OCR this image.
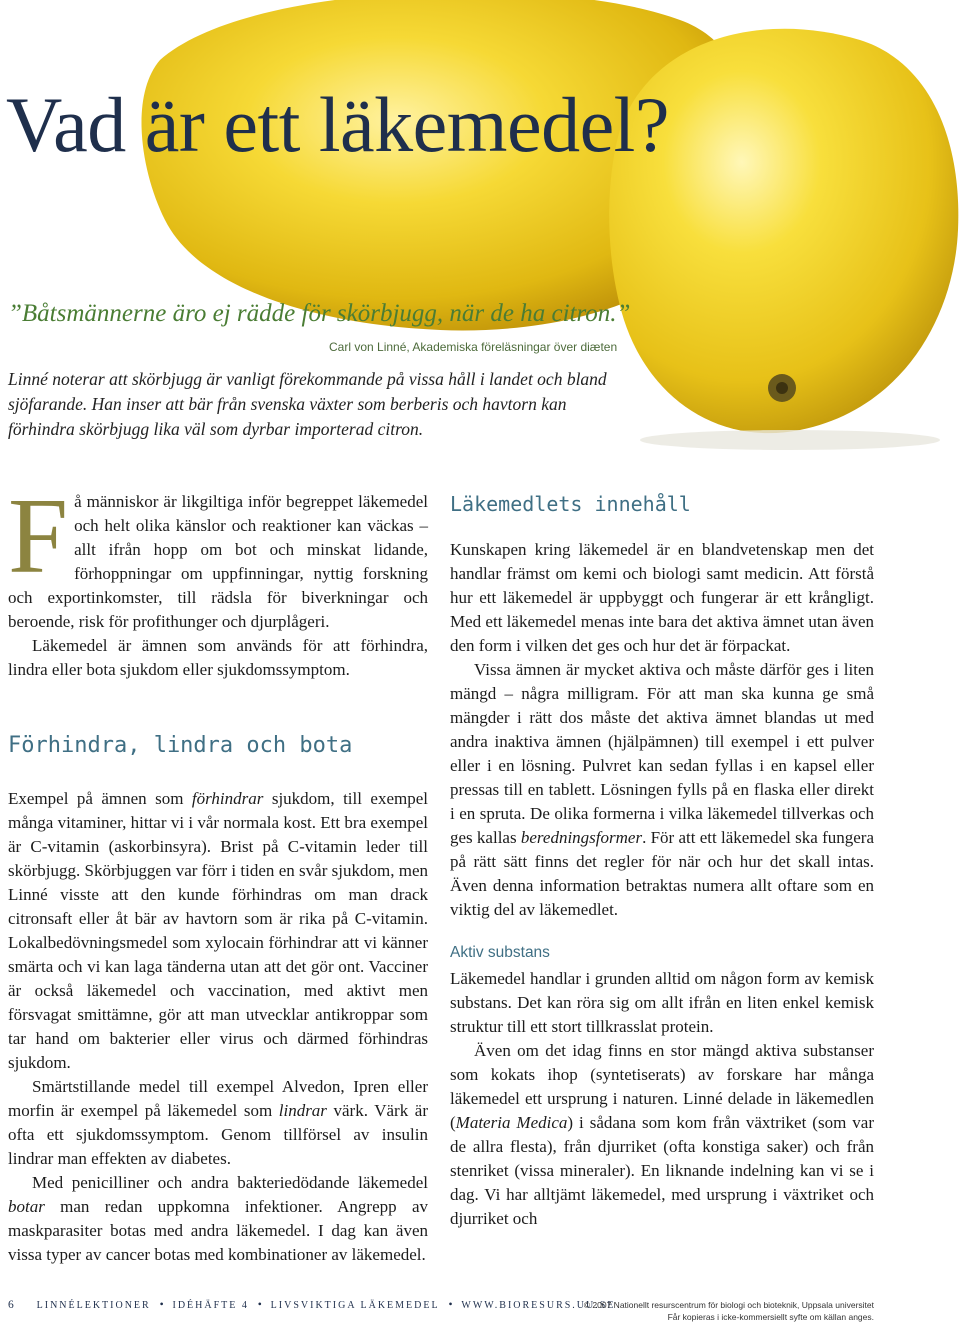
Vad är ett läkemedel?

”Båtsmännerne äro ej rädde för skörbjugg, när de ha citron.”

Carl von Linné, Akademiska föreläsningar över diæten

Linné noterar att skörbjugg är vanligt förekommande på vissa håll i landet och bland sjöfarande. Han inser att bär från svenska växter som berberis och havtorn kan förhindra skörbjugg lika väl som dyrbar importerad citron.

Få människor är likgiltiga inför begreppet läkemedel och helt olika känslor och reaktioner kan väckas – allt ifrån hopp om bot och minskat lidande, förhoppningar om uppfinningar, nyttig forskning och exportinkomster, till rädsla för biverkningar och beroende, risk för profithunger och djurplågeri.

Läkemedel är ämnen som används för att förhindra, lindra eller bota sjukdom eller sjukdomssymptom.

Förhindra, lindra och bota

Exempel på ämnen som förhindrar sjukdom, till exempel många vitaminer, hittar vi i vår normala kost. Ett bra exempel är C-vitamin (askorbinsyra). Brist på C-vitamin leder till skörbjugg. Skörbjuggen var förr i tiden en svår sjukdom, men Linné visste att den kunde förhindras om man drack citronsaft eller åt bär av havtorn som är rika på C-vitamin. Lokalbedövningsmedel som xylocain förhindrar att vi känner smärta och vi kan laga tänderna utan att det gör ont. Vacciner är också läkemedel och vaccination, med aktivt men försvagat smittämne, gör att man utvecklar antikroppar som tar hand om bakterier eller virus och därmed förhindras sjukdom.

Smärtstillande medel till exempel Alvedon, Ipren eller morfin är exempel på läkemedel som lindrar värk. Värk är ofta ett sjukdomssymptom. Genom tillförsel av insulin lindrar man effekten av diabetes.

Med penicilliner och andra bakteriedödande läkemedel botar man redan uppkomna infektioner. Angrepp av maskparasiter botas med andra läkemedel. I dag kan även vissa typer av cancer botas med kombinationer av läkemedel.

Läkemedlets innehåll

Kunskapen kring läkemedel är en blandvetenskap men det handlar främst om kemi och biologi samt medicin. Att förstå hur ett läkemedel är uppbyggt och fungerar är ett krångligt. Med ett läkemedel menas inte bara det aktiva ämnet utan även den form i vilken det ges och hur det är förpackat.

Vissa ämnen är mycket aktiva och måste därför ges i liten mängd – några milligram. För att man ska kunna ge små mängder i rätt dos måste det aktiva ämnet blandas ut med andra inaktiva ämnen (hjälpämnen) till exempel i ett pulver eller i en lösning. Pulvret kan sedan fyllas i en kapsel eller pressas till en tablett. Lösningen fylls på en flaska eller direkt i en spruta. De olika formerna i vilka läkemedel tillverkas och ges kallas beredningsformer. För att ett läkemedel ska fungera på rätt sätt finns det regler för när och hur det skall intas. Även denna information betraktas numera allt oftare som en viktig del av läkemedlet.

Aktiv substans

Läkemedel handlar i grunden alltid om någon form av kemisk substans. Det kan röra sig om allt ifrån en liten enkel kemisk struktur till ett stort tillkrasslat protein.

Även om det idag finns en stor mängd aktiva substanser som kokats ihop (syntetiserats) av forskare har många läkemedel ett ursprung i naturen. Linné delade in läkemedlen (Materia Medica) i sådana som kom från växtriket (som var de allra flesta), från djurriket (ofta konstiga saker) och från stenriket (vissa mineraler). En liknande indelning kan vi se i dag. Vi har alltjämt läkemedel, med ursprung i växtriket och djurriket och

6 LINNÉLEKTIONER • IDÉHÄFTE 4 • LIVSVIKTIGA LÄKEMEDEL • WWW.BIORESURS.UU.SE
© 2007 Nationellt resurscentrum för biologi och bioteknik, Uppsala universitet
Får kopieras i icke-kommersiellt syfte om källan anges.
